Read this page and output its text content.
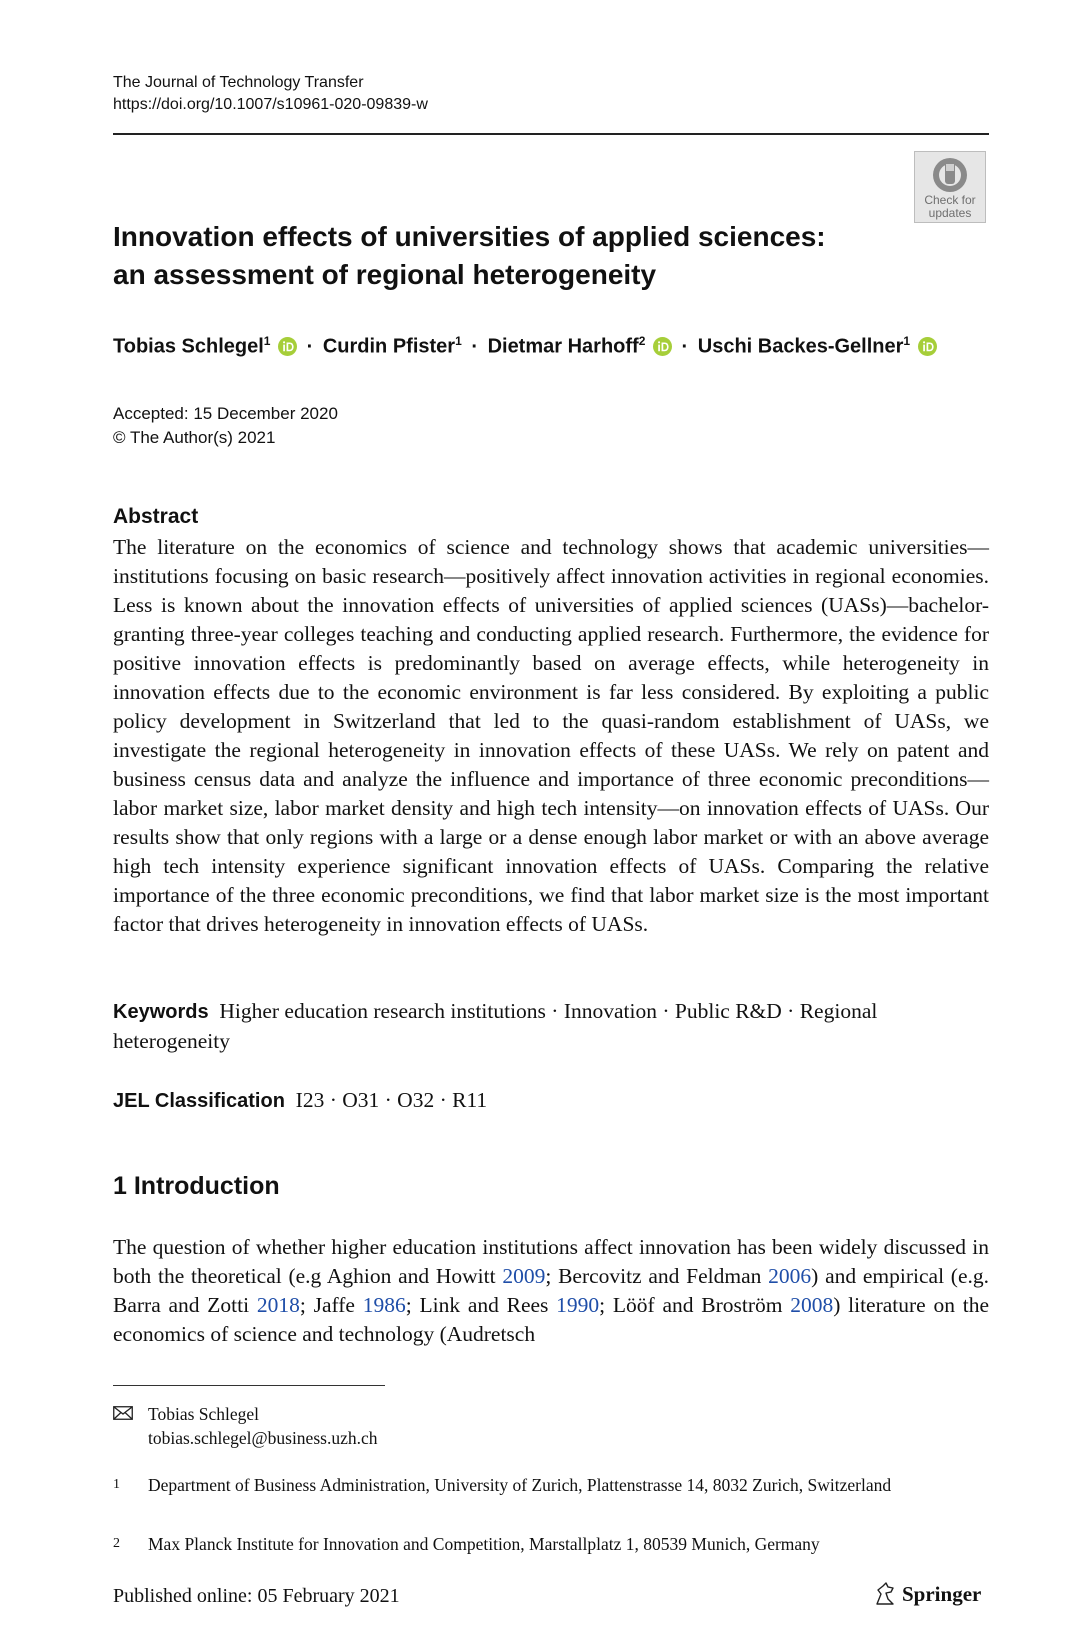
The Journal of Technology Transfer
https://doi.org/10.1007/s10961-020-09839-w
Check for
updates
Innovation effects of universities of applied sciences:
an assessment of regional heterogeneity
Tobias Schlegel$^1$ · Curdin Pfister$^1$ · Dietmar Harhoff$^2$ · Uschi Backes-Gellner$^1$
Accepted: 15 December 2020
© The Author(s) 2021
Abstract

The literature on the economics of science and technology shows that academic universities—institutions focusing on basic research—positively affect innovation activities in regional economies. Less is known about the innovation effects of universities of applied sciences (UASs)—bachelor-granting three-year colleges teaching and conducting applied research. Furthermore, the evidence for positive innovation effects is predominantly based on average effects, while heterogeneity in innovation effects due to the economic environment is far less considered. By exploiting a public policy development in Switzerland that led to the quasi-random establishment of UASs, we investigate the regional heterogeneity in innovation effects of these UASs. We rely on patent and business census data and analyze the influence and importance of three economic preconditions—labor market size, labor market density and high tech intensity—on innovation effects of UASs. Our results show that only regions with a large or a dense enough labor market or with an above average high tech intensity experience significant innovation effects of UASs. Comparing the relative importance of the three economic preconditions, we find that labor market size is the most important factor that drives heterogeneity in innovation effects of UASs.

Keywords Higher education research institutions · Innovation · Public R&D · Regional heterogeneity

JEL Classification I23 · O31 · O32 · R11
1 Introduction

The question of whether higher education institutions affect innovation has been widely discussed in both the theoretical (e.g Aghion and Howitt 2009; Bercovitz and Feldman 2006) and empirical (e.g. Barra and Zotti 2018; Jaffe 1986; Link and Rees 1990; Lööf and Broström 2008) literature on the economics of science and technology (Audretsch

Tobias Schlegel
tobias.schlegel@business.uzh.ch
1	Department of Business Administration, University of Zurich, Plattenstrasse 14, 8032 Zurich, Switzerland
2	Max Planck Institute for Innovation and Competition, Marstallplatz 1, 80539 Munich, Germany
Published online: 05 February 2021	Springer
